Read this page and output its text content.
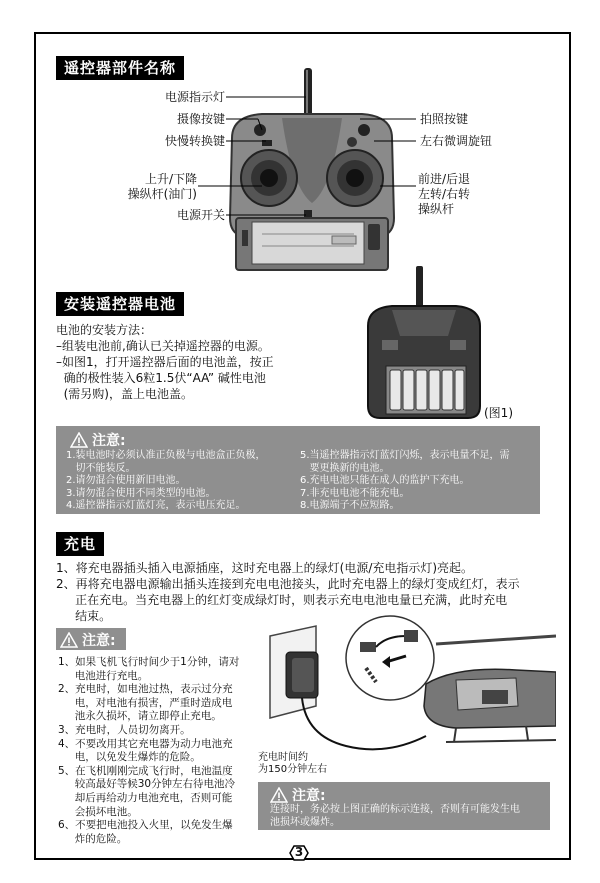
遥控器部件名称
电源指示灯
摄像按键
快慢转换键
上升/下降
操纵杆(油门)
电源开关
拍照按键
左右微调旋钮
前进/后退
左转/右转
操纵杆
安装遥控器电池
电池的安装方法：
–组装电池前,确认已关掉遥控器的电源。
–如图1，打开遥控器后面的电池盖，按正
确的极性装入6粒1.5伏“AA” 碱性电池
(需另购)，盖上电池盖。
(图1)
注意:
1.装电池时必须认准正负极与电池盒正负极，
切不能装反。
2.请勿混合使用新旧电池。
3.请勿混合使用不同类型的电池。
4.遥控器指示灯蓝灯亮，表示电压充足。
5.当遥控器指示灯蓝灯闪烁，表示电量不足，需
要更换新的电池。
6.充电电池只能在成人的监护下充电。
7.非充电电池不能充电。
8.电源端子不应短路。
充电
1、将充电器插头插入电源插座，这时充电器上的绿灯(电源/充电指示灯)亮起。
2、再将充电器电源输出插头连接到充电电池接头，此时充电器上的绿灯变成红灯，表示
正在充电。当充电器上的红灯变成绿灯时，则表示充电电池电量已充满，此时充电
结束。
注意:
1、如果飞机飞行时间少于1分钟，请对
电池进行充电。
2、充电时，如电池过热，表示过分充
电，对电池有损害，严重时造成电
池永久损坏，请立即停止充电。
3、充电时，人员切勿离开。
4、不要改用其它充电器为动力电池充
电，以免发生爆炸的危险。
5、在飞机刚刚完成飞行时，电池温度
较高最好等候30分钟左右待电池冷
却后再给动力电池充电，否则可能
会损坏电池。
6、不要把电池投入火里，以免发生爆
炸的危险。
充电时间约
为150分钟左右
注意:
连接时，务必按上图正确的标示连接，否则有可能发生电
池损坏或爆炸。
3
